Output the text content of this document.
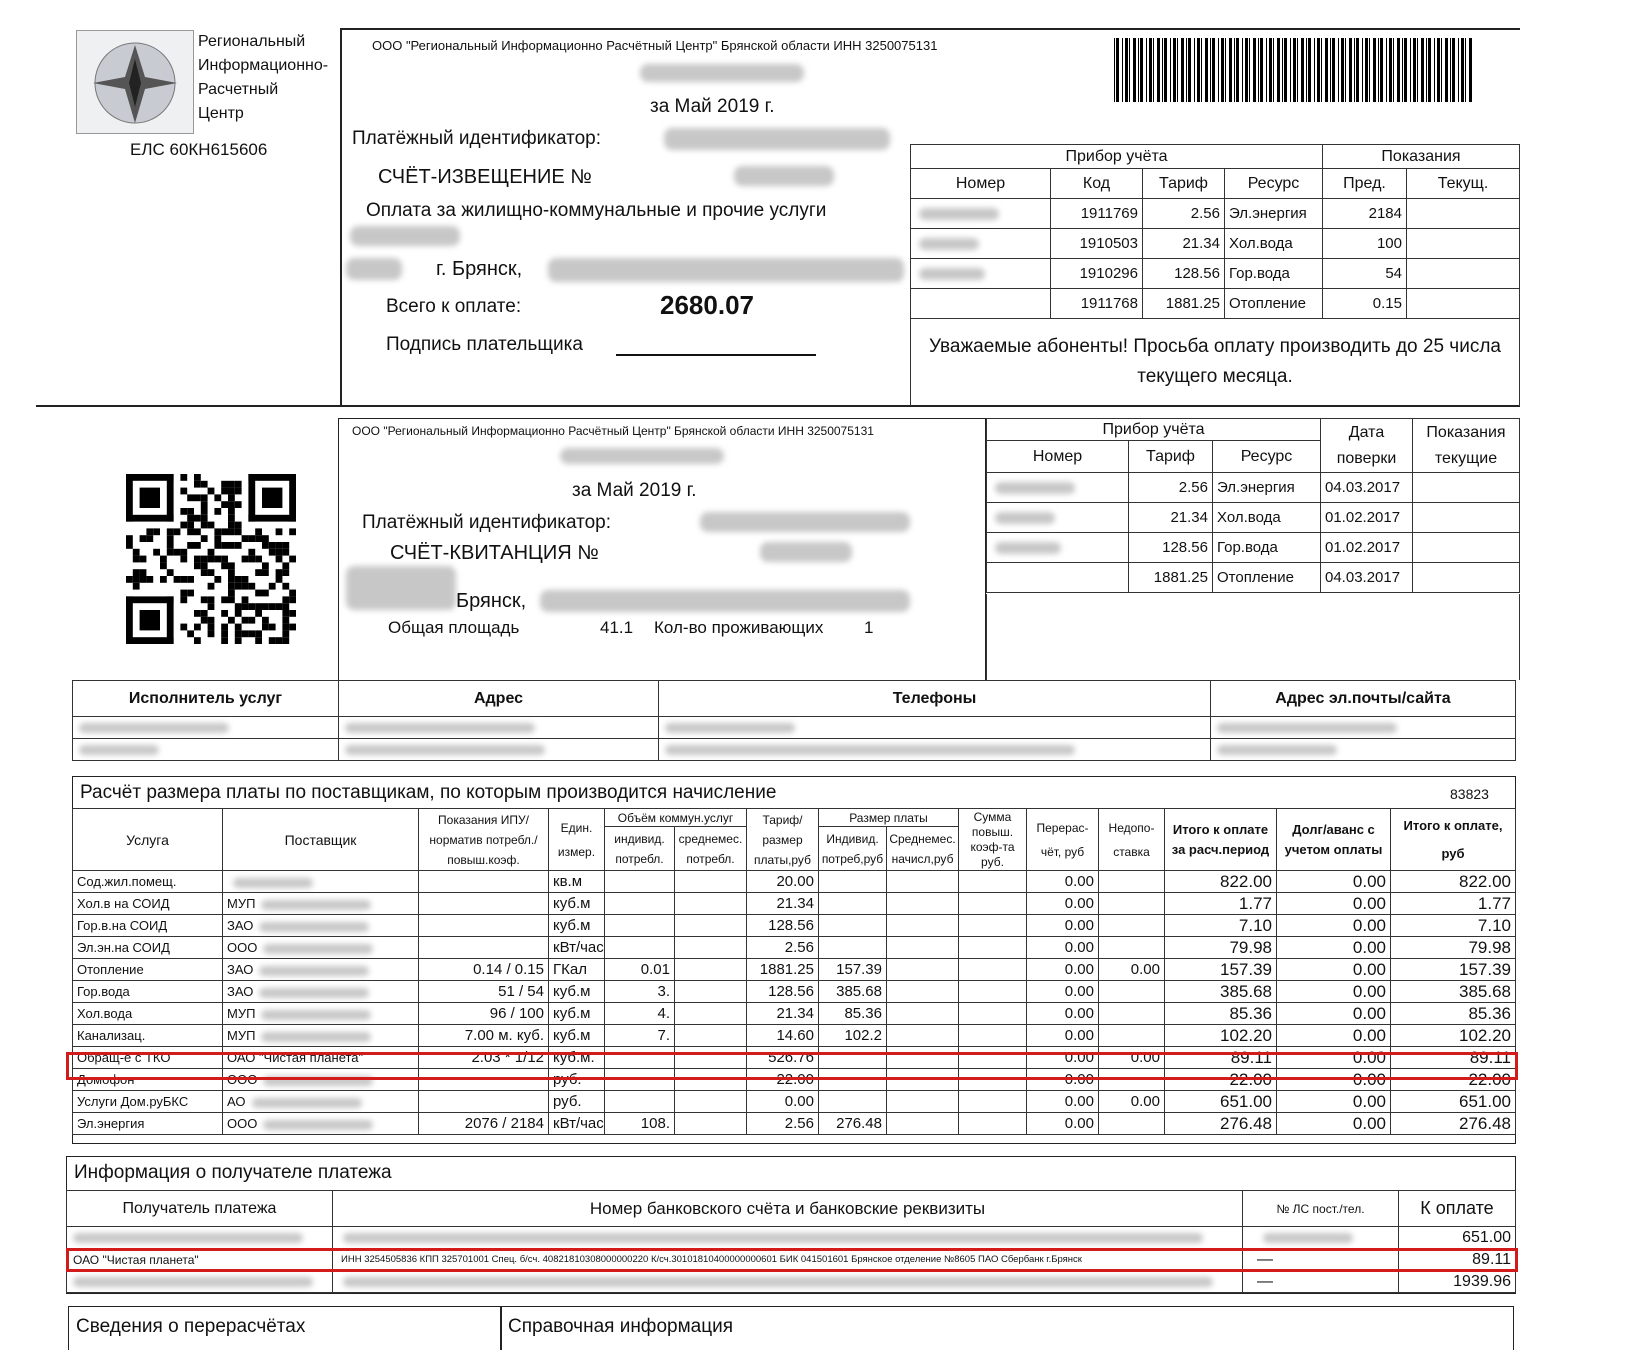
Региональный
Информационно-
Расчетный
Центр
ЕЛС 60КН615606
ООО "Региональный Информационно Расчётный Центр" Брянской области ИНН 3250075131
за Май 2019 г.
Платёжный идентификатор:
СЧЁТ-ИЗВЕЩЕНИЕ №
Оплата за жилищно-коммунальные и прочие услуги
г. Брянск,
Всего к оплате:	2680.07
Подпись плательщика
Прибор учёта				Показания	
Номер	Код	Тариф	Ресурс	Пред.	Текущ.

	1911769	2.56	Эл.энергия	2184	

	1910503	21.34	Хол.вода	100	

	1910296	128.56	Гор.вода	54	
	1911768	1881.25	Отопление	0.15	
Уважаемые абоненты! Просьба оплату производить до 25 числа текущего месяца.
ООО "Региональный Информационно Расчётный Центр" Брянской области ИНН 3250075131
за Май 2019 г.
Платёжный идентификатор:
СЧЁТ-КВИТАНЦИЯ №
Брянск,
Общая площадь	41.1 Кол-во проживающих 1
Прибор учёта			Дата поверки	Показания текущие
Номер	Тариф	Ресурс		

	2.56	Эл.энергия	04.03.2017	

	21.34	Хол.вода	01.02.2017	

	128.56	Гор.вода	01.02.2017	
	1881.25	Отопление	04.03.2017	
Исполнитель услуг	Адрес	Телефоны	Адрес эл.почты/сайта

Расчёт размера платы по поставщикам, по которым производится начисление	83823
Услуга	Поставщик	Показания ИПУ/ норматив потребл./ повыш.коэф.	Един. измер.	Объём коммун.услуг		Тариф/ размер платы,руб	Размер платы		Сумма повыш. коэф-та руб.	Перерас- чёт, руб	Недопо- ставка	Итого к оплате за расч.период	Долг/аванс с учетом оплаты	Итого к оплате, руб
				индивид. потребл.	среднемес. потребл.		Индивид. потреб,руб	Среднемес. начисл,руб						

Сод.жил.помещ.			кв.м			20.00				0.00		822.00	0.00	822.00
Хол.в на СОИД	МУП		куб.м			21.34				0.00		1.77	0.00	1.77
Гор.в.на СОИД	ЗАО		куб.м			128.56				0.00		7.10	0.00	7.10
Эл.эн.на СОИД	ООО		кВт/час			2.56				0.00		79.98	0.00	79.98
Отопление	ЗАО	0.14 / 0.15	ГКал	0.01		1881.25	157.39			0.00	0.00	157.39	0.00	157.39
Гор.вода	ЗАО	51 / 54	куб.м	3.		128.56	385.68			0.00		385.68	0.00	385.68
Хол.вода	МУП	96 / 100	куб.м	4.		21.34	85.36			0.00		85.36	0.00	85.36
Канализац.	МУП	7.00 м. куб.	куб.м	7.		14.60	102.2			0.00		102.20	0.00	102.20
Обращ-е с ТКО	ОАО "Чистая планета"	2.03 * 1/12	куб.м.			526.76				0.00	0.00	89.11	0.00	89.11
Домофон	ООО		руб.			22.00				0.00		22.00	0.00	22.00
Услуги Дом.руБКС	АО		руб.			0.00				0.00	0.00	651.00	0.00	651.00
Эл.энергия	ООО	2076 / 2184	кВт/час	108.		2.56	276.48			0.00		276.48	0.00	276.48
Информация о получателе платежа
Получатель платежа	Номер банковского счёта и банковские реквизиты	№ ЛС пост./тел.	К оплате

	651.00
ОАО "Чистая планета"	ИНН 3254505836 КПП 325701001 Спец. б/сч. 40821810308000000220 К/сч.30101810400000000601 БИК 041501601 Брянское отделение №8605 ПАО Сбербанк г.Брянск	—	89.11

	—	1939.96
Сведения о перерасчётах	Справочная информация
